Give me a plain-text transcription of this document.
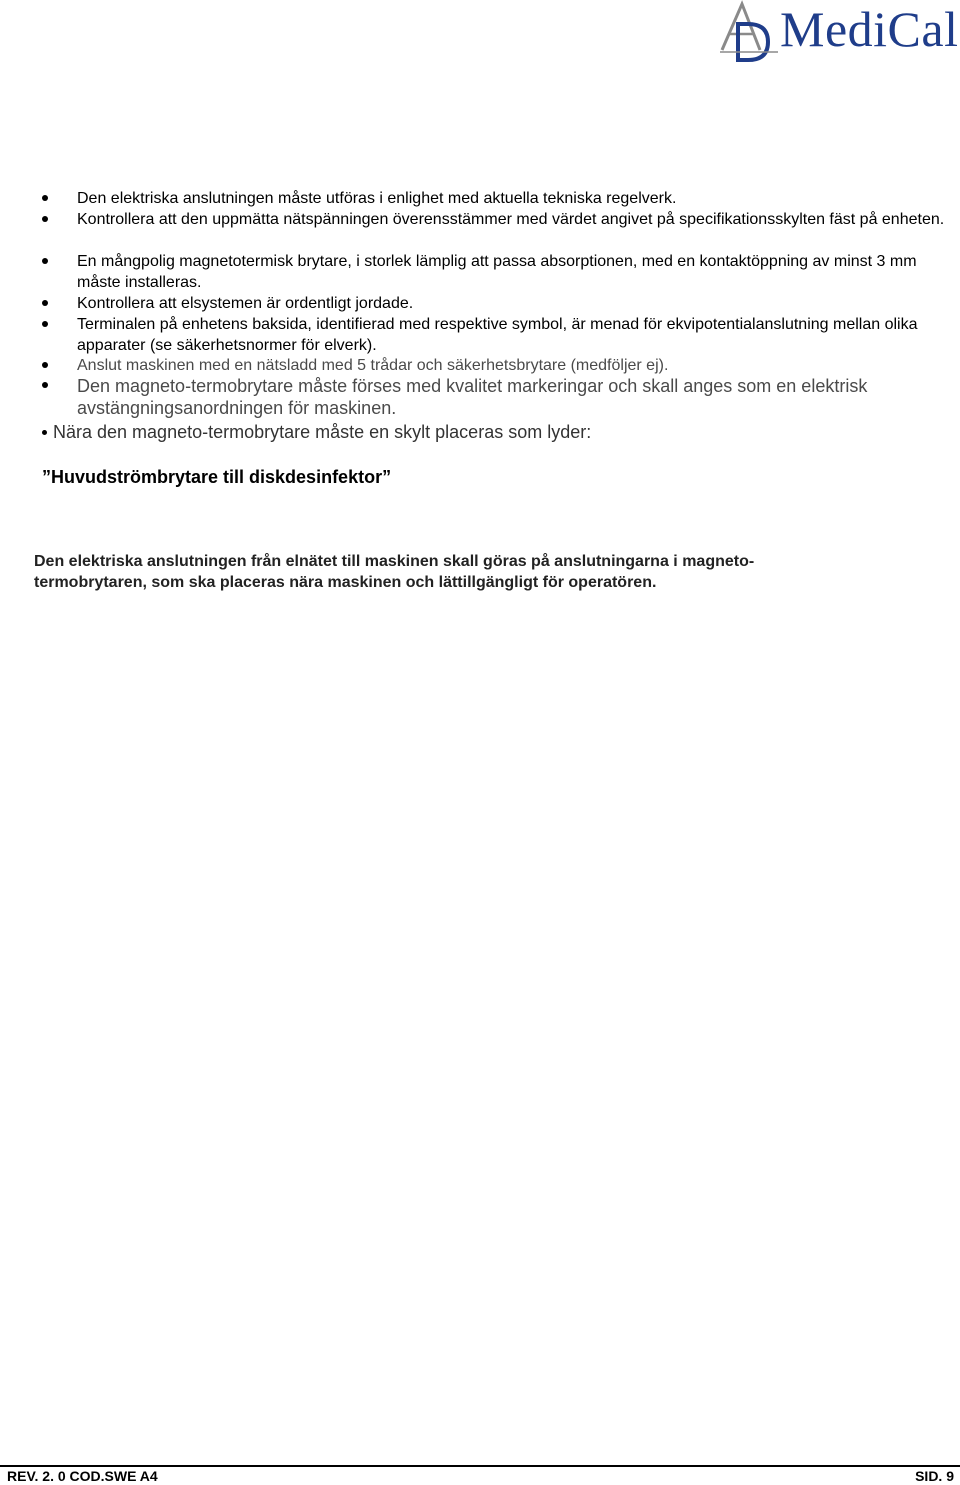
MediCal
Den elektriska anslutningen måste utföras i enlighet med aktuella tekniska regelverk.
Kontrollera att den uppmätta nätspänningen överensstämmer med värdet angivet på specifikationsskylten fäst på enheten.
En mångpolig magnetotermisk brytare, i storlek lämplig att passa absorptionen, med en kontaktöppning av minst 3 mm måste installeras.
Kontrollera att elsystemen är ordentligt jordade.
Terminalen på enhetens baksida, identifierad med respektive symbol, är menad för ekvipotentialanslutning mellan olika apparater (se säkerhetsnormer för elverk).
Anslut maskinen med en nätsladd med 5 trådar och säkerhetsbrytare (medföljer ej).
Den magneto-termobrytare måste förses med kvalitet markeringar och skall anges som en elektrisk avstängningsanordningen för maskinen.
Nära den magneto-termobrytare måste en skylt placeras som lyder:
”Huvudströmbrytare till diskdesinfektor”
Den elektriska anslutningen från elnätet till maskinen skall göras på anslutningarna i magneto-termobrytaren, som ska placeras nära maskinen och lättillgängligt för operatören.
REV. 2. 0 COD.SWE A4	SID. 9
